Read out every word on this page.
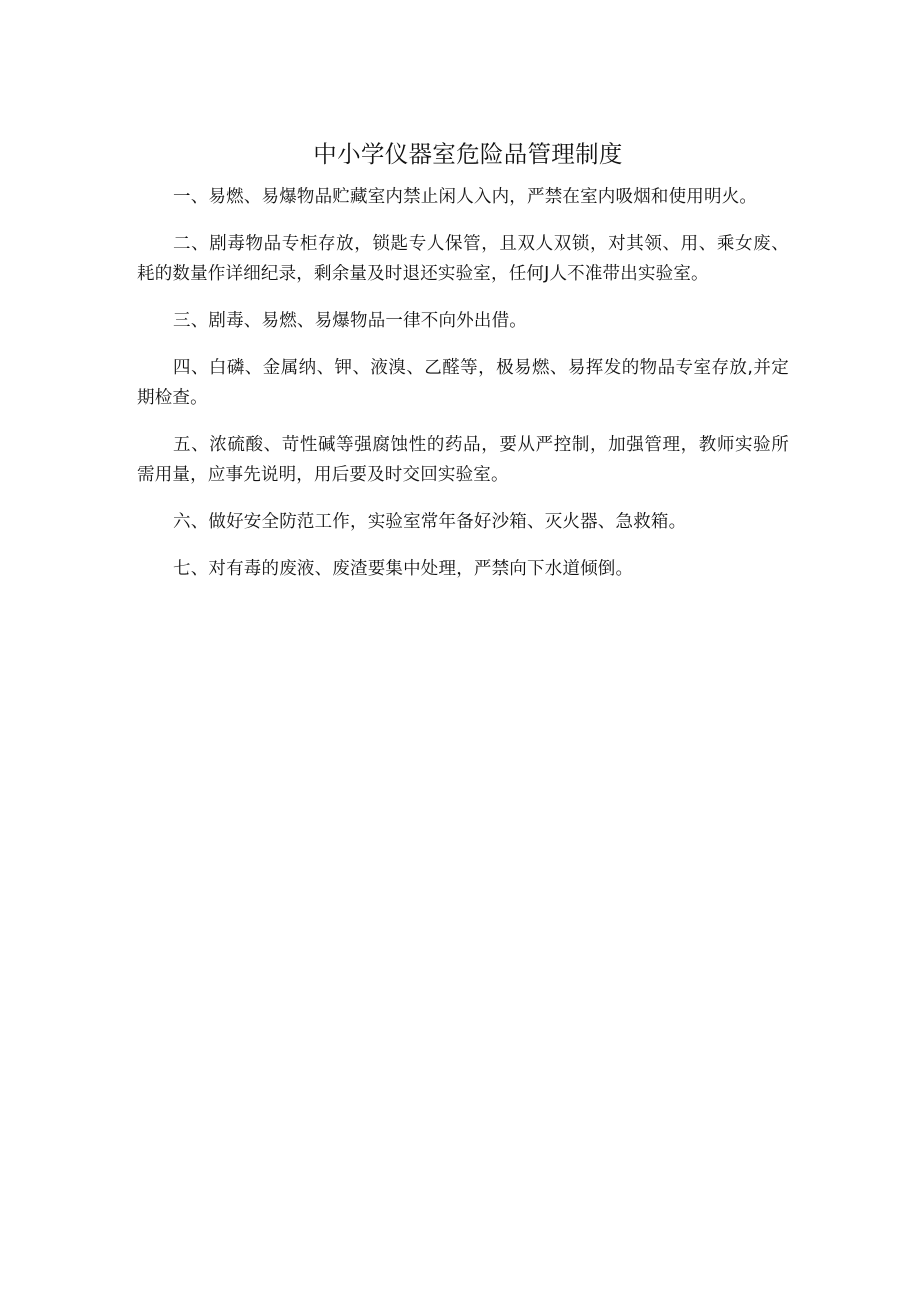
中小学仪器室危险品管理制度

一、易燃、易爆物品贮藏室内禁止闲人入内，严禁在室内吸烟和使用明火。

二、剧毒物品专柜存放，锁匙专人保管，且双人双锁，对其领、用、乘女废、耗的数量作详细纪录，剩余量及时退还实验室，任何J人不准带出实验室。

三、剧毒、易燃、易爆物品一律不向外出借。

四、白磷、金属纳、钾、液溴、乙醛等，极易燃、易挥发的物品专室存放,并定期检查。

五、浓硫酸、苛性碱等强腐蚀性的药品，要从严控制，加强管理，教师实验所需用量，应事先说明，用后要及时交回实验室。

六、做好安全防范工作，实验室常年备好沙箱、灭火器、急救箱。

七、对有毒的废液、废渣要集中处理，严禁向下水道倾倒。
